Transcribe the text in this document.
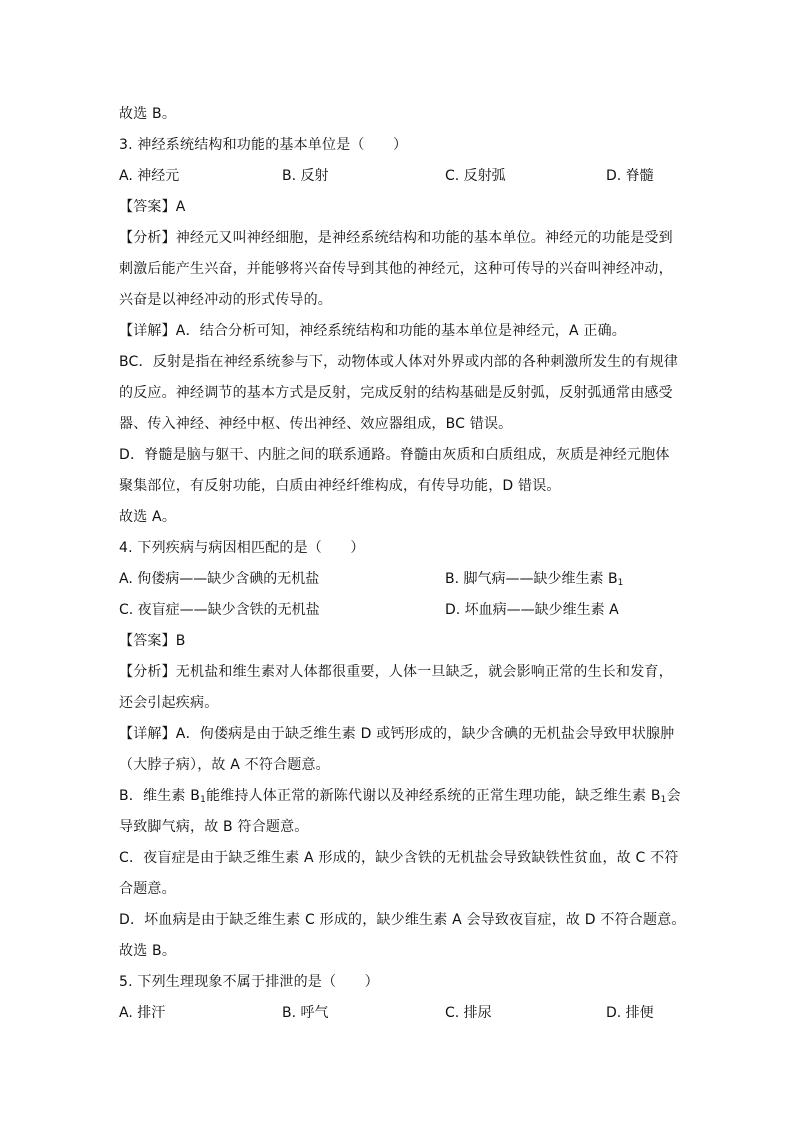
故选 B。
3. 神经系统结构和功能的基本单位是（　　）
A. 神经元	B. 反射	C. 反射弧	D. 脊髓
【答案】A
【分析】神经元又叫神经细胞，是神经系统结构和功能的基本单位。神经元的功能是受到
刺激后能产生兴奋，并能够将兴奋传导到其他的神经元，这种可传导的兴奋叫神经冲动，
兴奋是以神经冲动的形式传导的。
【详解】A．结合分析可知，神经系统结构和功能的基本单位是神经元，A 正确。
BC．反射是指在神经系统参与下，动物体或人体对外界或内部的各种刺激所发生的有规律
的反应。神经调节的基本方式是反射，完成反射的结构基础是反射弧，反射弧通常由感受
器、传入神经、神经中枢、传出神经、效应器组成，BC 错误。
D．脊髓是脑与躯干、内脏之间的联系通路。脊髓由灰质和白质组成，灰质是神经元胞体
聚集部位，有反射功能，白质由神经纤维构成，有传导功能，D 错误。
故选 A。
4. 下列疾病与病因相匹配的是（　　）
A. 佝偻病——缺少含碘的无机盐	B. 脚气病——缺少维生素 $B_1$
C. 夜盲症——缺少含铁的无机盐	D. 坏血病——缺少维生素 A
【答案】B
【分析】无机盐和维生素对人体都很重要，人体一旦缺乏，就会影响正常的生长和发育，
还会引起疾病。
【详解】A．佝偻病是由于缺乏维生素 D 或钙形成的，缺少含碘的无机盐会导致甲状腺肿
（大脖子病），故 A 不符合题意。
B．维生素 $B_1$能维持人体正常的新陈代谢以及神经系统的正常生理功能，缺乏维生素 $B_1$会
导致脚气病，故 B 符合题意。
C．夜盲症是由于缺乏维生素 A 形成的，缺少含铁的无机盐会导致缺铁性贫血，故 C 不符
合题意。
D．坏血病是由于缺乏维生素 C 形成的，缺少维生素 A 会导致夜盲症，故 D 不符合题意。
故选 B。
5. 下列生理现象不属于排泄的是（　　）
A. 排汗	B. 呼气	C. 排尿	D. 排便
